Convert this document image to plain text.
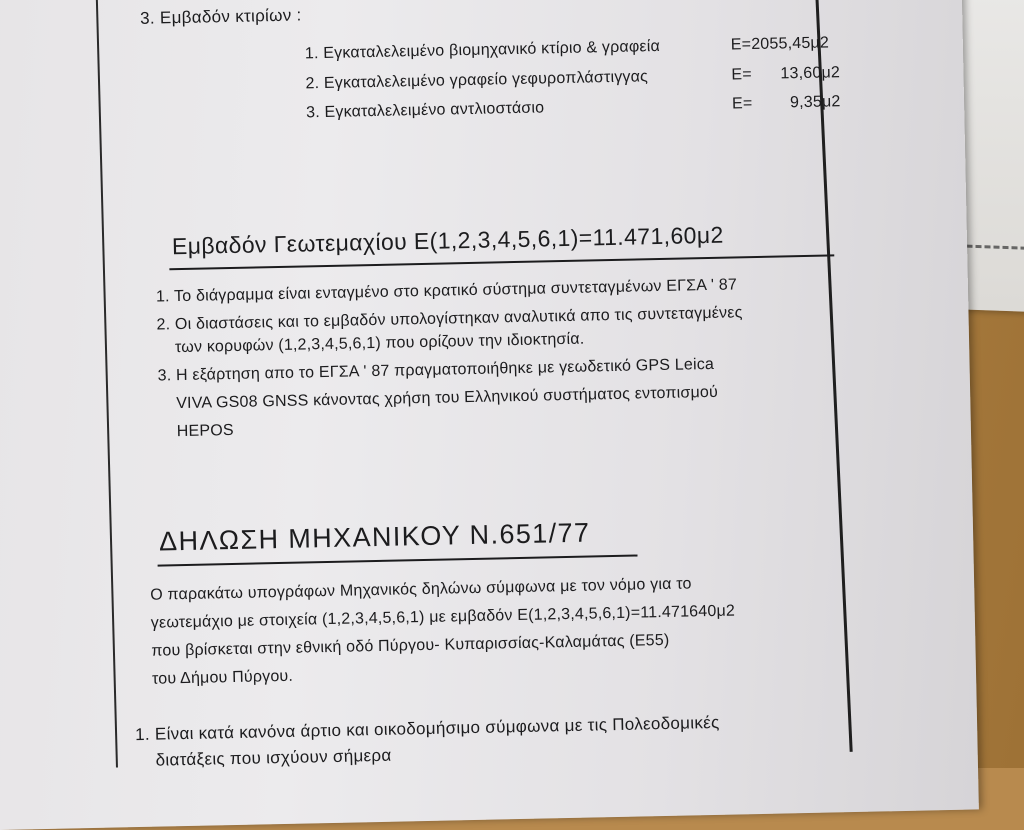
3. Εμβαδόν κτιρίων :
1. Εγκαταλελειμένο βιομηχανικό κτίριο & γραφεία	E=2055,45μ2
2. Εγκαταλελειμένο γραφείο γεφυροπλάστιγγας	E= 13,60μ2
3. Εγκαταλελειμένο αντλιοστάσιο	E= 9,35μ2
Εμβαδόν Γεωτεμαχίου Ε(1,2,3,4,5,6,1)=11.471,60μ2
1. Το διάγραμμα είναι ενταγμένο στο κρατικό σύστημα συντεταγμένων ΕΓΣΑ ' 87
2. Οι διαστάσεις και το εμβαδόν υπολογίστηκαν αναλυτικά απο τις συντεταγμένες
των κορυφών (1,2,3,4,5,6,1) που ορίζουν την ιδιοκτησία.
3. Η εξάρτηση απο το ΕΓΣΑ ' 87 πραγματοποιήθηκε με γεωδετικό GPS Leica
VIVA GS08 GNSS κάνοντας χρήση του Ελληνικού συστήματος εντοπισμού
HEPOS
ΔΗΛΩΣΗ ΜΗΧΑΝΙΚΟΥ Ν.651/77
Ο παρακάτω υπογράφων Μηχανικός δηλώνω σύμφωνα με τον νόμο για το
γεωτεμάχιο με στοιχεία (1,2,3,4,5,6,1) με εμβαδόν Ε(1,2,3,4,5,6,1)=11.471640μ2
που βρίσκεται στην εθνική οδό Πύργου- Κυπαρισσίας-Καλαμάτας (Ε55)
του Δήμου Πύργου.
1. Είναι κατά κανόνα άρτιο και οικοδομήσιμο σύμφωνα με τις Πολεοδομικές
διατάξεις που ισχύουν σήμερα
